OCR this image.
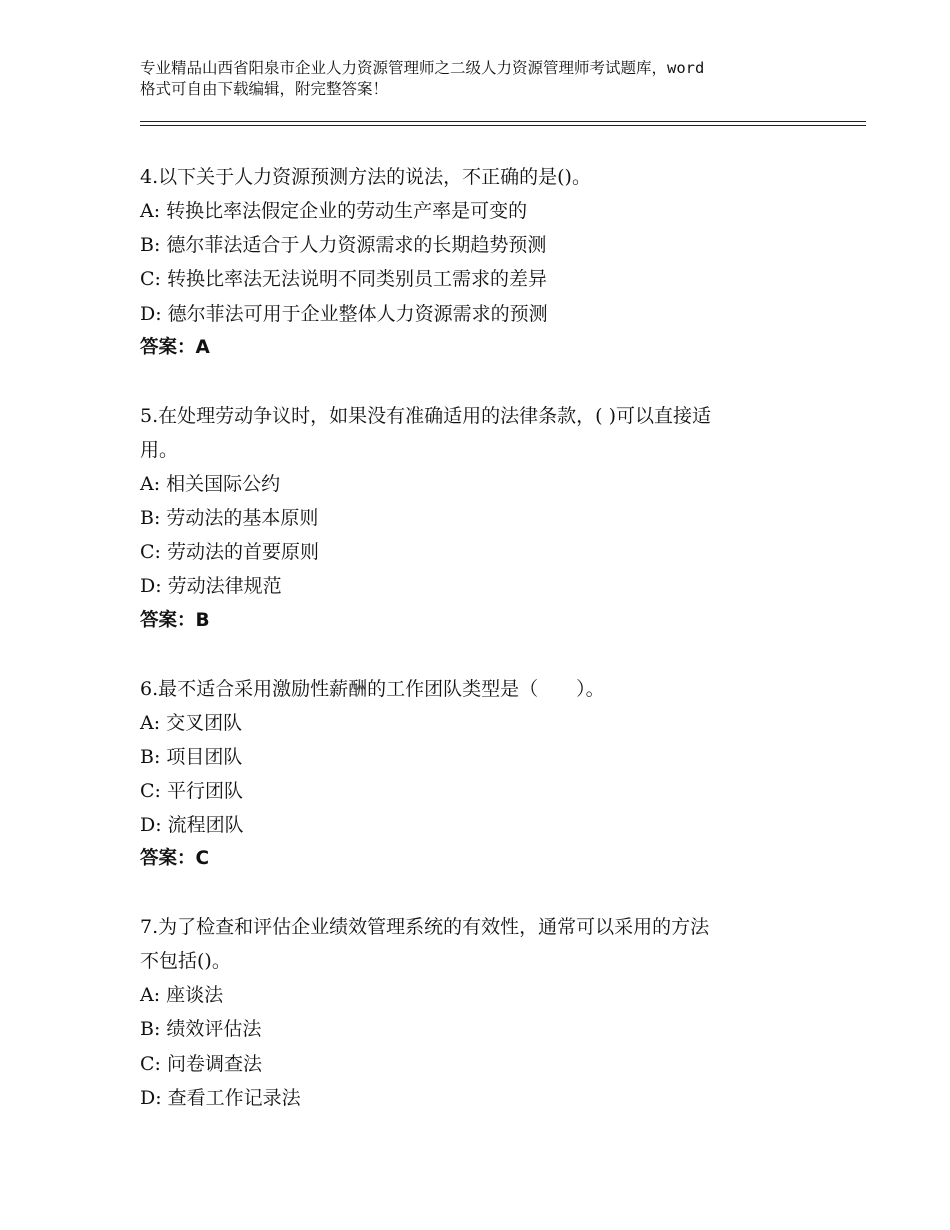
专业精品山西省阳泉市企业人力资源管理师之二级人力资源管理师考试题库，word
格式可自由下载编辑，附完整答案！
4.以下关于人力资源预测方法的说法，不正确的是()。
A: 转换比率法假定企业的劳动生产率是可变的
B: 德尔菲法适合于人力资源需求的长期趋势预测
C: 转换比率法无法说明不同类别员工需求的差异
D: 德尔菲法可用于企业整体人力资源需求的预测
答案：A
5.在处理劳动争议时，如果没有准确适用的法律条款，( )可以直接适
用。
A: 相关国际公约
B: 劳动法的基本原则
C: 劳动法的首要原则
D: 劳动法律规范
答案：B
6.最不适合采用激励性薪酬的工作团队类型是（　　）。
A: 交叉团队
B: 项目团队
C: 平行团队
D: 流程团队
答案：C
7.为了检查和评估企业绩效管理系统的有效性，通常可以采用的方法
不包括()。
A: 座谈法
B: 绩效评估法
C: 问卷调查法
D: 查看工作记录法
